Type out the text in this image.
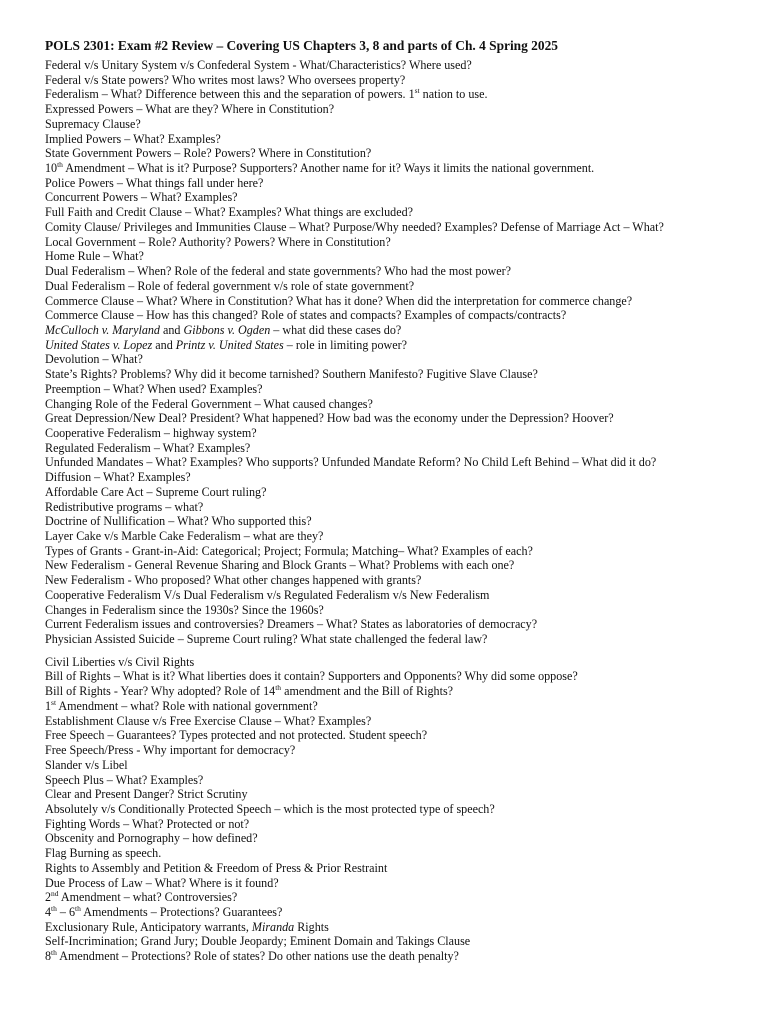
POLS 2301: Exam #2 Review – Covering US Chapters 3, 8 and parts of Ch. 4 Spring 2025
Federal v/s Unitary System v/s Confederal System - What/Characteristics? Where used?
Federal v/s State powers? Who writes most laws? Who oversees property?
Federalism – What? Difference between this and the separation of powers. 1st nation to use.
Expressed Powers – What are they? Where in Constitution?
Supremacy Clause?
Implied Powers – What? Examples?
State Government Powers – Role? Powers? Where in Constitution?
10th Amendment – What is it? Purpose? Supporters? Another name for it? Ways it limits the national government.
Police Powers – What things fall under here?
Concurrent Powers – What? Examples?
Full Faith and Credit Clause – What? Examples? What things are excluded?
Comity Clause/ Privileges and Immunities Clause – What? Purpose/Why needed? Examples? Defense of Marriage Act – What?
Local Government – Role? Authority? Powers? Where in Constitution?
Home Rule – What?
Dual Federalism – When? Role of the federal and state governments? Who had the most power?
Dual Federalism – Role of federal government v/s role of state government?
Commerce Clause – What? Where in Constitution? What has it done? When did the interpretation for commerce change?
Commerce Clause – How has this changed? Role of states and compacts? Examples of compacts/contracts?
McCulloch v. Maryland and Gibbons v. Ogden – what did these cases do?
United States v. Lopez and Printz v. United States – role in limiting power?
Devolution – What?
State’s Rights? Problems? Why did it become tarnished? Southern Manifesto? Fugitive Slave Clause?
Preemption – What? When used? Examples?
Changing Role of the Federal Government – What caused changes?
Great Depression/New Deal? President? What happened? How bad was the economy under the Depression? Hoover?
Cooperative Federalism – highway system?
Regulated Federalism – What? Examples?
Unfunded Mandates – What? Examples? Who supports? Unfunded Mandate Reform? No Child Left Behind – What did it do?
Diffusion – What? Examples?
Affordable Care Act – Supreme Court ruling?
Redistributive programs – what?
Doctrine of Nullification – What? Who supported this?
Layer Cake v/s Marble Cake Federalism – what are they?
Types of Grants - Grant-in-Aid: Categorical; Project; Formula; Matching– What? Examples of each?
New Federalism - General Revenue Sharing and Block Grants – What? Problems with each one?
New Federalism - Who proposed? What other changes happened with grants?
Cooperative Federalism V/s Dual Federalism v/s Regulated Federalism v/s New Federalism
Changes in Federalism since the 1930s? Since the 1960s?
Current Federalism issues and controversies? Dreamers – What? States as laboratories of democracy?
Physician Assisted Suicide – Supreme Court ruling? What state challenged the federal law?
Civil Liberties v/s Civil Rights
Bill of Rights – What is it? What liberties does it contain? Supporters and Opponents? Why did some oppose?
Bill of Rights - Year? Why adopted? Role of 14th amendment and the Bill of Rights?
1st Amendment – what? Role with national government?
Establishment Clause v/s Free Exercise Clause – What? Examples?
Free Speech – Guarantees? Types protected and not protected. Student speech?
Free Speech/Press - Why important for democracy?
Slander v/s Libel
Speech Plus – What? Examples?
Clear and Present Danger? Strict Scrutiny
Absolutely v/s Conditionally Protected Speech – which is the most protected type of speech?
Fighting Words – What? Protected or not?
Obscenity and Pornography – how defined?
Flag Burning as speech.
Rights to Assembly and Petition & Freedom of Press & Prior Restraint
Due Process of Law – What? Where is it found?
2nd Amendment – what? Controversies?
4th – 6th Amendments – Protections? Guarantees?
Exclusionary Rule, Anticipatory warrants, Miranda Rights
Self-Incrimination; Grand Jury; Double Jeopardy; Eminent Domain and Takings Clause
8th Amendment – Protections? Role of states? Do other nations use the death penalty?
